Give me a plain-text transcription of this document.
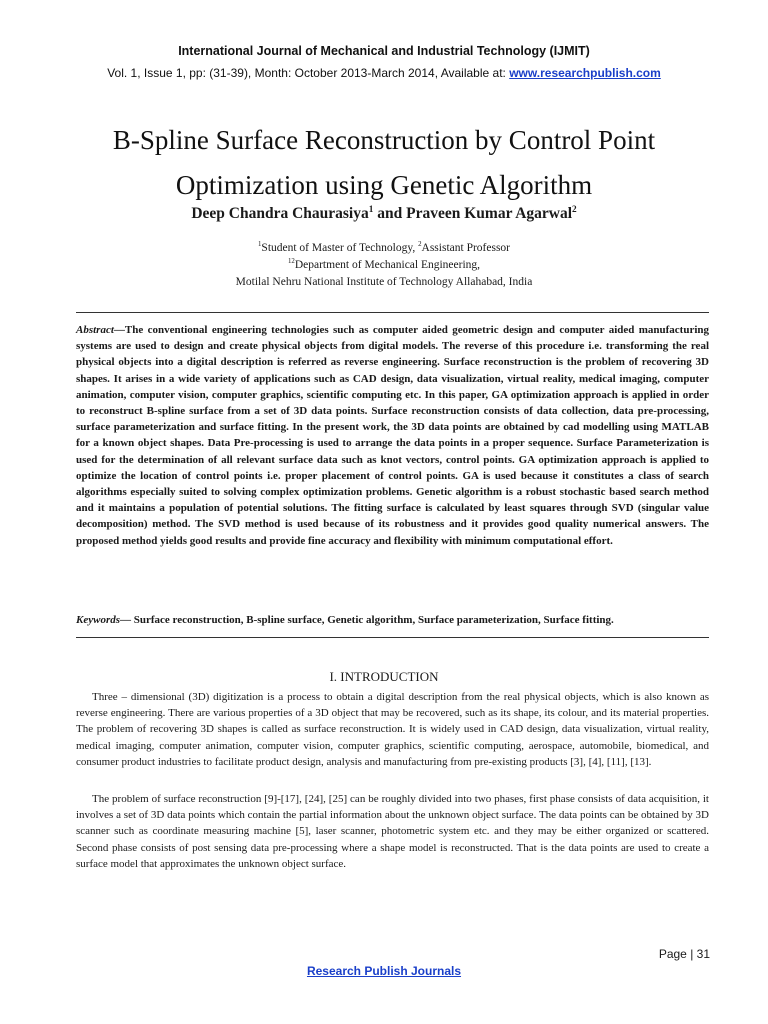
International Journal of Mechanical and Industrial Technology (IJMIT)
Vol. 1, Issue 1, pp: (31-39), Month: October 2013-March 2014, Available at: www.researchpublish.com
B-Spline Surface Reconstruction by Control Point
Optimization using Genetic Algorithm
Deep Chandra Chaurasiya$^1$ and Praveen Kumar Agarwal$^2$
$^1$Student of Master of Technology, $^2$Assistant Professor
$^{12}$Department of Mechanical Engineering,
Motilal Nehru National Institute of Technology Allahabad, India

Abstract—The conventional engineering technologies such as computer aided geometric design and computer aided manufacturing systems are used to design and create physical objects from digital models. The reverse of this procedure i.e. transforming the real physical objects into a digital description is referred as reverse engineering. Surface reconstruction is the problem of recovering 3D shapes. It arises in a wide variety of applications such as CAD design, data visualization, virtual reality, medical imaging, computer animation, computer vision, computer graphics, scientific computing etc. In this paper, GA optimization approach is applied in order to reconstruct B-spline surface from a set of 3D data points. Surface reconstruction consists of data collection, data pre-processing, surface parameterization and surface fitting. In the present work, the 3D data points are obtained by cad modelling using MATLAB for a known object shapes. Data Pre-processing is used to arrange the data points in a proper sequence. Surface Parameterization is used for the determination of all relevant surface data such as knot vectors, control points. GA optimization approach is applied to optimize the location of control points i.e. proper placement of control points. GA is used because it constitutes a class of search algorithms especially suited to solving complex optimization problems. Genetic algorithm is a robust stochastic based search method and it maintains a population of potential solutions. The fitting surface is calculated by least squares through SVD (singular value decomposition) method. The SVD method is used because of its robustness and it provides good quality numerical answers. The proposed method yields good results and provide fine accuracy and flexibility with minimum computational effort.

Keywords— Surface reconstruction, B-spline surface, Genetic algorithm, Surface parameterization, Surface fitting.

I. INTRODUCTION

Three – dimensional (3D) digitization is a process to obtain a digital description from the real physical objects, which is also known as reverse engineering. There are various properties of a 3D object that may be recovered, such as its shape, its colour, and its material properties. The problem of recovering 3D shapes is called as surface reconstruction. It is widely used in CAD design, data visualization, virtual reality, medical imaging, computer animation, computer vision, computer graphics, scientific computing, aerospace, automobile, biomedical, and consumer product industries to facilitate product design, analysis and manufacturing from pre-existing products [3], [4], [11], [13].

The problem of surface reconstruction [9]-[17], [24], [25] can be roughly divided into two phases, first phase consists of data acquisition, it involves a set of 3D data points which contain the partial information about the unknown object surface. The data points can be obtained by 3D scanner such as coordinate measuring machine [5], laser scanner, photometric system etc. and they may be either organized or scattered. Second phase consists of post sensing data pre-processing where a shape model is reconstructed. That is the data points are used to create a surface model that approximates the unknown object surface.

Page | 31
Research Publish Journals
